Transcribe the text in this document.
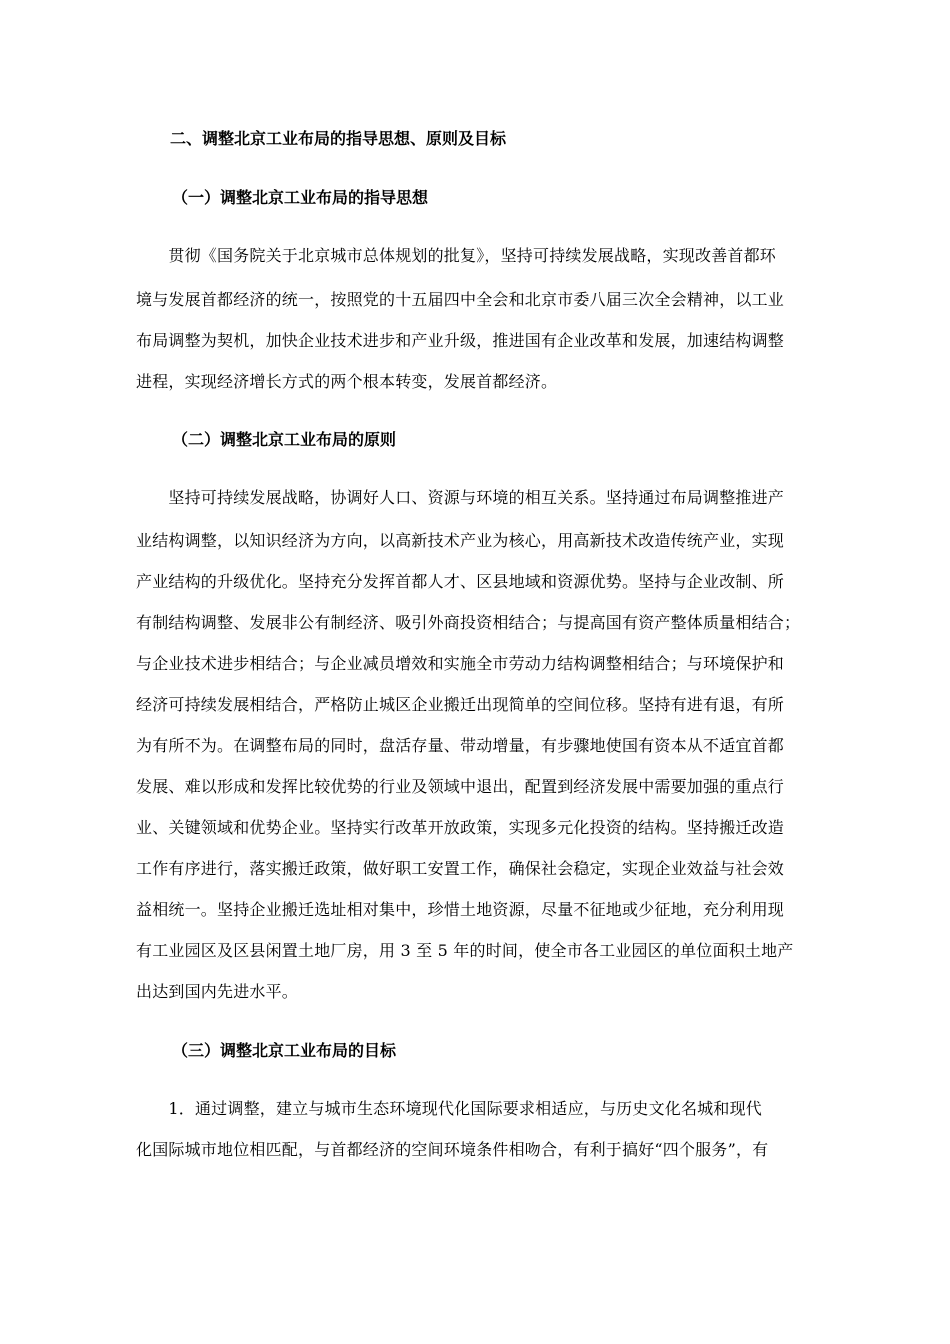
二、调整北京工业布局的指导思想、原则及目标
（一）调整北京工业布局的指导思想
　　贯彻《国务院关于北京城市总体规划的批复》，坚持可持续发展战略，实现改善首都环
境与发展首都经济的统一，按照党的十五届四中全会和北京市委八届三次全会精神，以工业
布局调整为契机，加快企业技术进步和产业升级，推进国有企业改革和发展，加速结构调整
进程，实现经济增长方式的两个根本转变，发展首都经济。
（二）调整北京工业布局的原则
　　坚持可持续发展战略，协调好人口、资源与环境的相互关系。坚持通过布局调整推进产
业结构调整，以知识经济为方向，以高新技术产业为核心，用高新技术改造传统产业，实现
产业结构的升级优化。坚持充分发挥首都人才、区县地域和资源优势。坚持与企业改制、所
有制结构调整、发展非公有制经济、吸引外商投资相结合；与提高国有资产整体质量相结合；
与企业技术进步相结合；与企业减员增效和实施全市劳动力结构调整相结合；与环境保护和
经济可持续发展相结合，严格防止城区企业搬迁出现简单的空间位移。坚持有进有退，有所
为有所不为。在调整布局的同时，盘活存量、带动增量，有步骤地使国有资本从不适宜首都
发展、难以形成和发挥比较优势的行业及领域中退出，配置到经济发展中需要加强的重点行
业、关键领域和优势企业。坚持实行改革开放政策，实现多元化投资的结构。坚持搬迁改造
工作有序进行，落实搬迁政策，做好职工安置工作，确保社会稳定，实现企业效益与社会效
益相统一。坚持企业搬迁选址相对集中，珍惜土地资源，尽量不征地或少征地，充分利用现
有工业园区及区县闲置土地厂房，用 3 至 5 年的时间，使全市各工业园区的单位面积土地产
出达到国内先进水平。
（三）调整北京工业布局的目标
　　1．通过调整，建立与城市生态环境现代化国际要求相适应，与历史文化名城和现代
化国际城市地位相匹配，与首都经济的空间环境条件相吻合，有利于搞好“四个服务”，有
